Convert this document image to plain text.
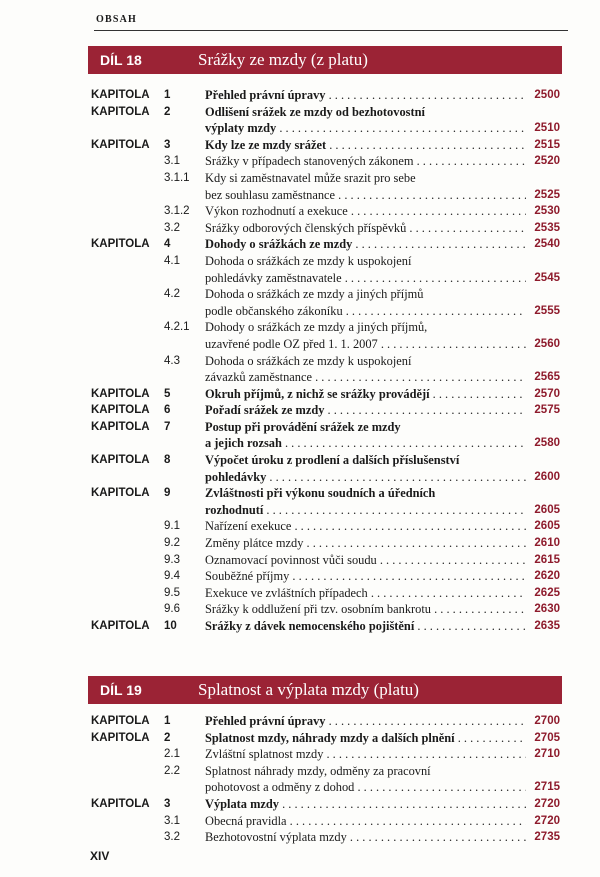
OBSAH
DÍL 18	Srážky ze mzdy (z platu)
KAPITOLA 1	Přehled právní úpravy . . .	2500
KAPITOLA 2	Odlišení srážek ze mzdy od bezhotovostní
výplaty mzdy . . .	2510
KAPITOLA 3	Kdy lze ze mzdy srážet . . .	2515
3.1 Srážky v případech stanovených zákonem . . .	2520
3.1.1 Kdy si zaměstnavatel může srazit pro sebe
bez souhlasu zaměstnance . . .	2525
3.1.2 Výkon rozhodnutí a exekuce . . .	2530
3.2 Srážky odborových členských příspěvků . . .	2535
KAPITOLA 4	Dohody o srážkách ze mzdy . . .	2540
4.1 Dohoda o srážkách ze mzdy k uspokojení
pohledávky zaměstnavatele . . .	2545
4.2 Dohoda o srážkách ze mzdy a jiných příjmů
podle občanského zákoníku . . .	2555
4.2.1 Dohody o srážkách ze mzdy a jiných příjmů,
uzavřené podle OZ před 1. 1. 2007 . . .	2560
4.3 Dohoda o srážkách ze mzdy k uspokojení
závazků zaměstnance . . .	2565
KAPITOLA 5	Okruh příjmů, z nichž se srážky provádějí . . .	2570
KAPITOLA 6	Pořadí srážek ze mzdy . . .	2575
KAPITOLA 7	Postup při provádění srážek ze mzdy
a jejich rozsah . . .	2580
KAPITOLA 8	Výpočet úroku z prodlení a dalších příslušenství
pohledávky . . .	2600
KAPITOLA 9	Zvláštnosti při výkonu soudních a úředních
rozhodnutí . . .	2605
9.1 Nařízení exekuce . . .	2605
9.2 Změny plátce mzdy . . .	2610
9.3 Oznamovací povinnost vůči soudu . . .	2615
9.4 Souběžné příjmy . . .	2620
9.5 Exekuce ve zvláštních případech . . .	2625
9.6 Srážky k oddlužení při tzv. osobním bankrotu . . .	2630
KAPITOLA 10 Srážky z dávek nemocenského pojištění . . .	2635
DÍL 19	Splatnost a výplata mzdy (platu)
KAPITOLA 1	Přehled právní úpravy . . .	2700
KAPITOLA 2	Splatnost mzdy, náhrady mzdy a dalších plnění . . .	2705
2.1 Zvláštní splatnost mzdy . . .	2710
2.2 Splatnost náhrady mzdy, odměny za pracovní
pohotovost a odměny z dohod . . .	2715
KAPITOLA 3	Výplata mzdy . . .	2720
3.1 Obecná pravidla . . .	2720
3.2 Bezhotovostní výplata mzdy . . .	2735
XIV
